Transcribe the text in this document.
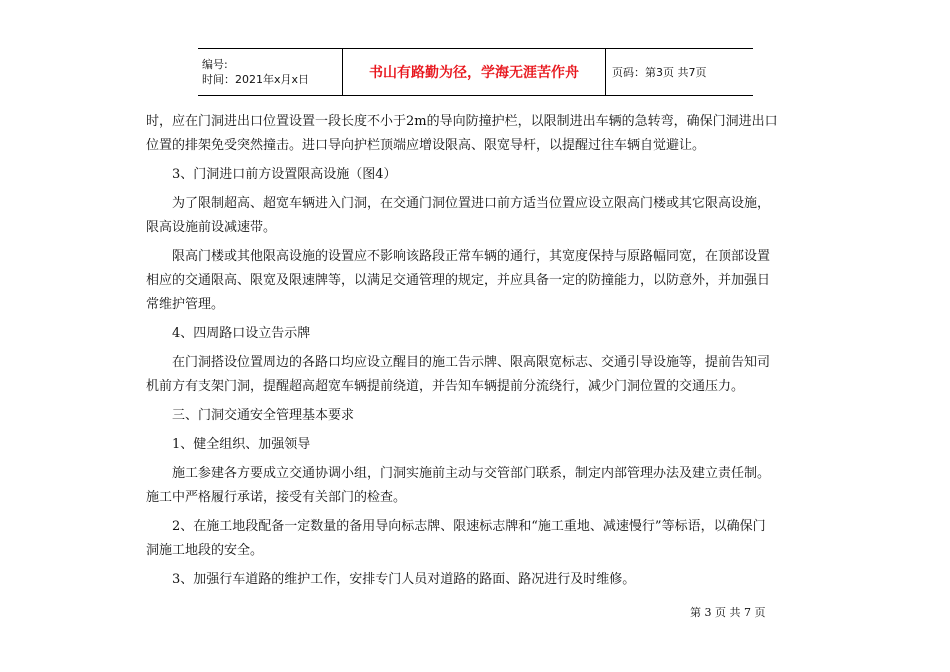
编号:
时间：2021年x月x日	书山有路勤为径，学海无涯苦作舟	页码：第3页 共7页
时，应在门洞进出口位置设置一段长度不小于2m的导向防撞护栏，以限制进出车辆的急转弯，确保门洞进出口
位置的排架免受突然撞击。进口导向护栏顶端应增设限高、限宽导杆，以提醒过往车辆自觉避让。
3、门洞进口前方设置限高设施（图4）
为了限制超高、超宽车辆进入门洞，在交通门洞位置进口前方适当位置应设立限高门楼或其它限高设施，
限高设施前设减速带。
限高门楼或其他限高设施的设置应不影响该路段正常车辆的通行，其宽度保持与原路幅同宽，在顶部设置
相应的交通限高、限宽及限速牌等，以满足交通管理的规定，并应具备一定的防撞能力，以防意外，并加强日
常维护管理。
4、四周路口设立告示牌
在门洞搭设位置周边的各路口均应设立醒目的施工告示牌、限高限宽标志、交通引导设施等，提前告知司
机前方有支架门洞，提醒超高超宽车辆提前绕道，并告知车辆提前分流绕行，减少门洞位置的交通压力。
三、门洞交通安全管理基本要求
1、健全组织、加强领导
施工参建各方要成立交通协调小组，门洞实施前主动与交管部门联系，制定内部管理办法及建立责任制。
施工中严格履行承诺，接受有关部门的检查。
2、在施工地段配备一定数量的备用导向标志牌、限速标志牌和“施工重地、减速慢行”等标语，以确保门
洞施工地段的安全。
3、加强行车道路的维护工作，安排专门人员对道路的路面、路况进行及时维修。
第 3 页 共 7 页
